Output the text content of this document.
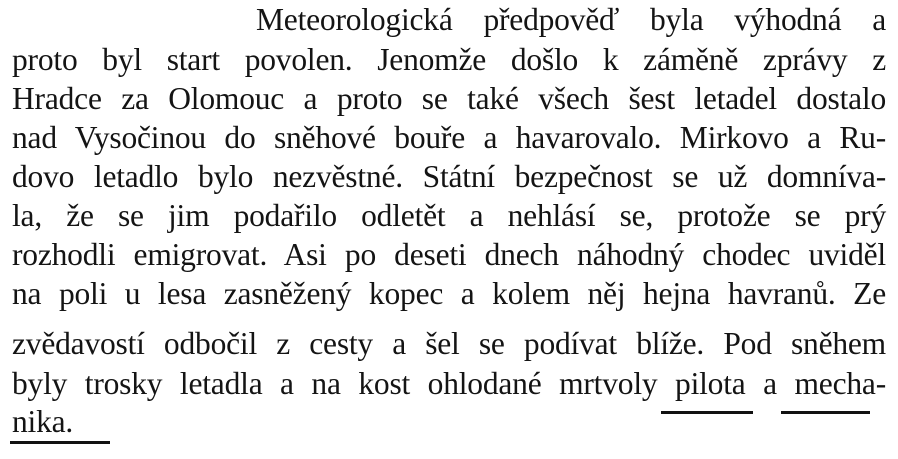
Meteorologická předpověď byla výhodná a
proto byl start povolen. Jenomže došlo k záměně zprávy z
Hradce za Olomouc a proto se také všech šest letadel dostalo
nad Vysočinou do sněhové bouře a havarovalo. Mirkovo a Ru-
dovo letadlo bylo nezvěstné. Státní bezpečnost se už domníva-
la, že se jim podařilo odletět a nehlásí se, protože se prý
rozhodli emigrovat. Asi po deseti dnech náhodný chodec uviděl
na poli u lesa zasněžený kopec a kolem něj hejna havranů. Ze
zvědavostí odbočil z cesty a šel se podívat blíže. Pod sněhem
byly trosky letadla a na kost ohlodané mrtvoly pilota a mecha-
nika.
